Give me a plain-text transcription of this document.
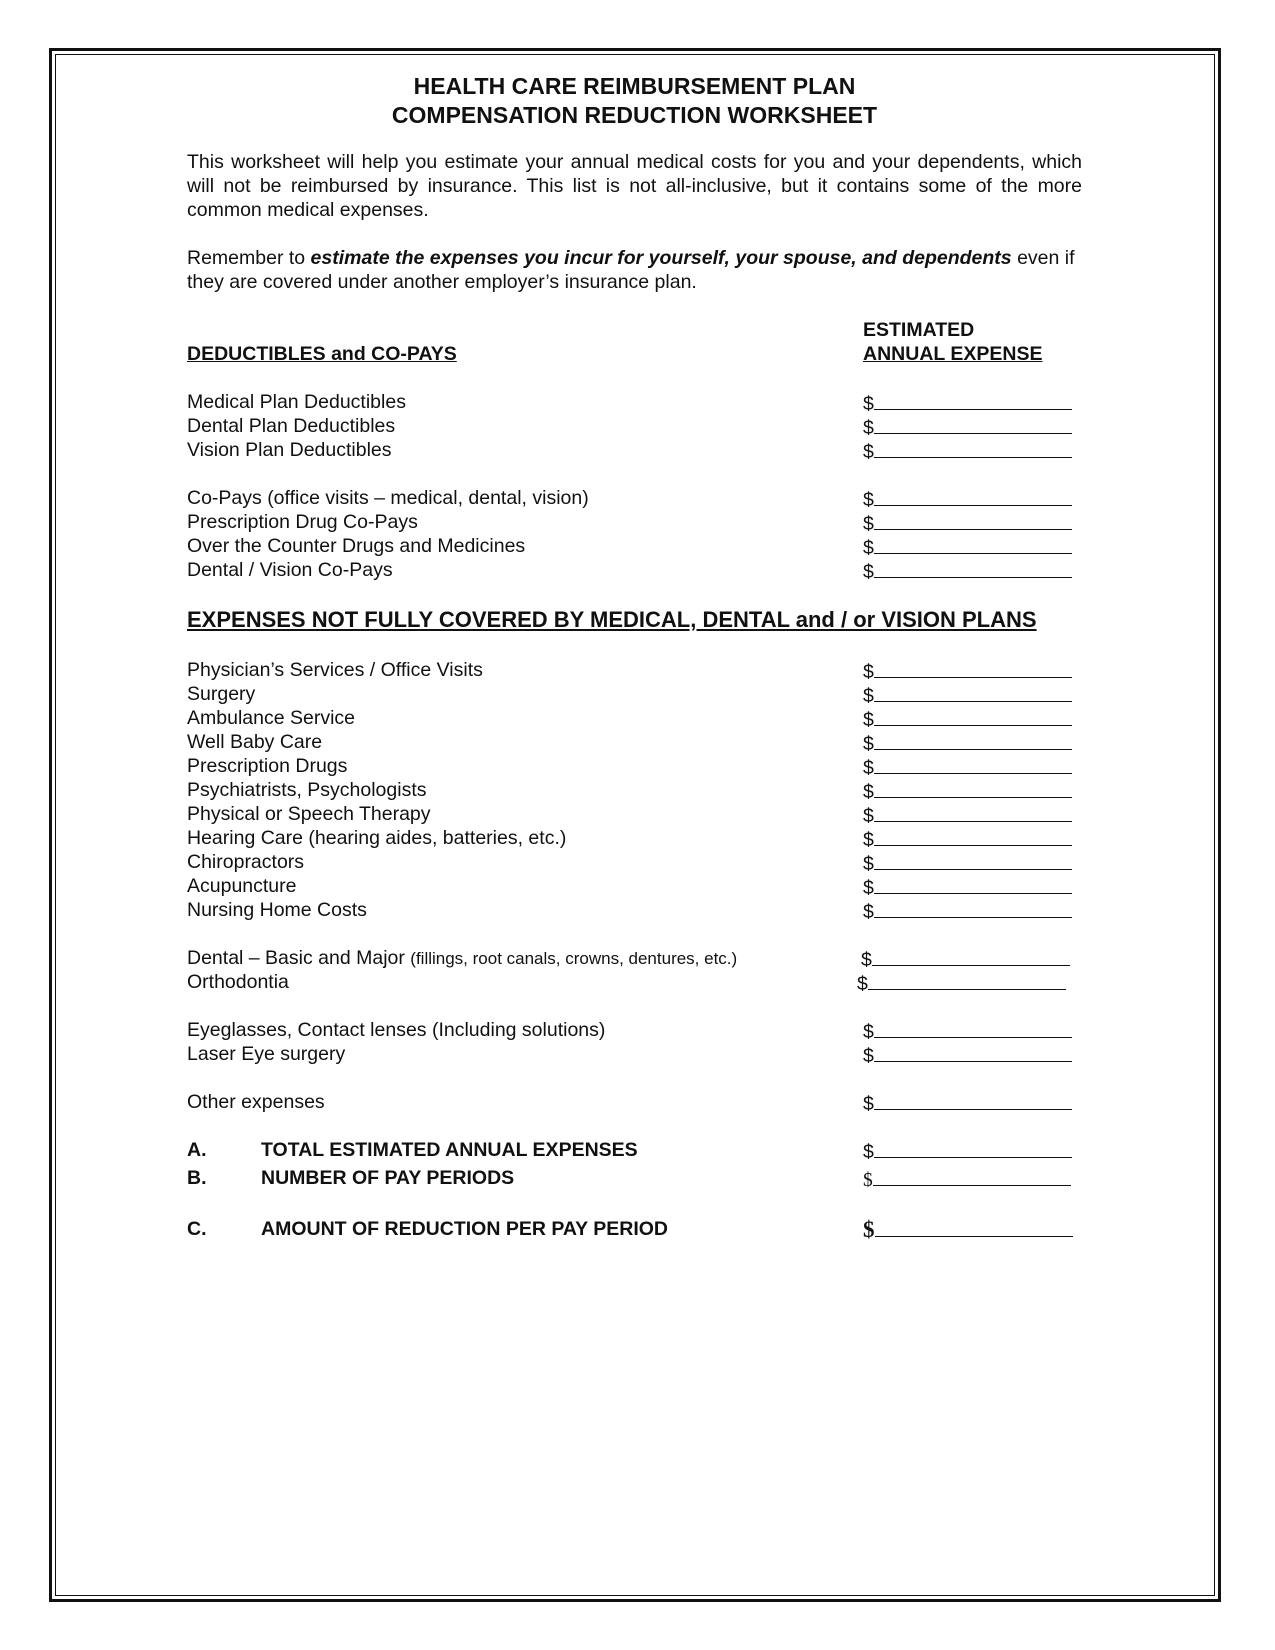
HEALTH CARE REIMBURSEMENT PLAN
COMPENSATION REDUCTION WORKSHEET
This worksheet will help you estimate your annual medical costs for you and your dependents, which will not be reimbursed by insurance. This list is not all-inclusive, but it contains some of the more common medical expenses.
Remember to estimate the expenses you incur for yourself, your spouse, and dependents even if they are covered under another employer’s insurance plan.
ESTIMATED
DEDUCTIBLES and CO-PAYS	ANNUAL EXPENSE
Medical Plan Deductibles	$
Dental Plan Deductibles	$
Vision Plan Deductibles	$
Co-Pays (office visits – medical, dental, vision)	$
Prescription Drug Co-Pays	$
Over the Counter Drugs and Medicines	$
Dental / Vision Co-Pays	$
EXPENSES NOT FULLY COVERED BY MEDICAL, DENTAL and / or VISION PLANS
Physician’s Services / Office Visits	$
Surgery	$
Ambulance Service	$
Well Baby Care	$
Prescription Drugs	$
Psychiatrists, Psychologists	$
Physical or Speech Therapy	$
Hearing Care (hearing aides, batteries, etc.)	$
Chiropractors	$
Acupuncture	$
Nursing Home Costs	$
Dental – Basic and Major (fillings, root canals, crowns, dentures, etc.)	$
Orthodontia	$
Eyeglasses, Contact lenses (Including solutions)	$
Laser Eye surgery	$
Other expenses	$
A.	TOTAL ESTIMATED ANNUAL EXPENSES	$
B.	NUMBER OF PAY PERIODS	$
C.	AMOUNT OF REDUCTION PER PAY PERIOD	$
